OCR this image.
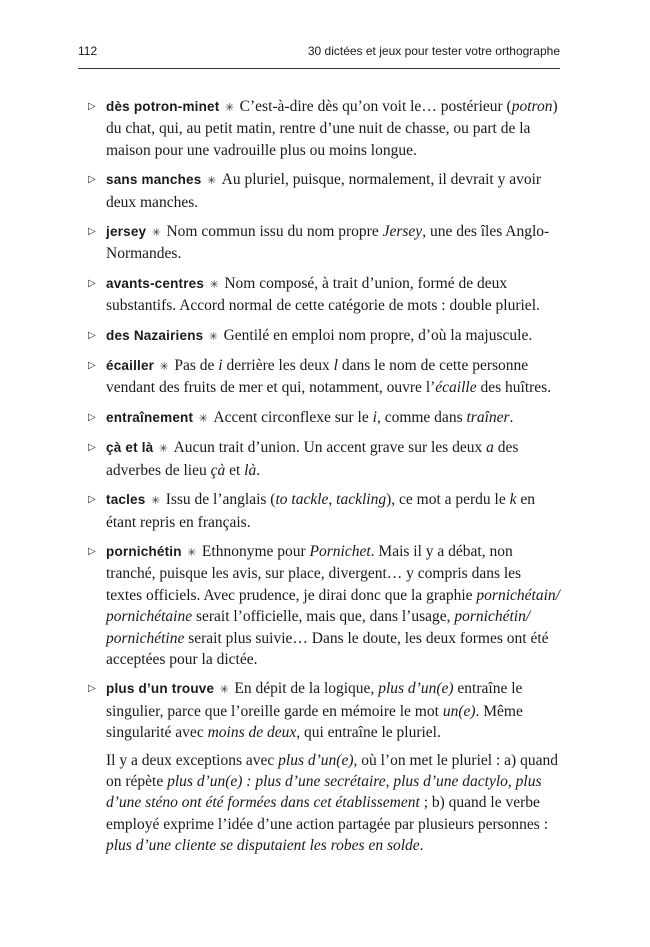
112	30 dictées et jeux pour tester votre orthographe
▷ dès potron-minet ✳ C’est-à-dire dès qu’on voit le… postérieur (potron) du chat, qui, au petit matin, rentre d’une nuit de chasse, ou part de la maison pour une vadrouille plus ou moins longue.
▷ sans manches ✳ Au pluriel, puisque, normalement, il devrait y avoir deux manches.
▷ jersey ✳ Nom commun issu du nom propre Jersey, une des îles Anglo-Normandes.
▷ avants-centres ✳ Nom composé, à trait d’union, formé de deux substantifs. Accord normal de cette catégorie de mots : double pluriel.
▷ des Nazairiens ✳ Gentilé en emploi nom propre, d’où la majuscule.
▷ écailler ✳ Pas de i derrière les deux l dans le nom de cette personne vendant des fruits de mer et qui, notamment, ouvre l’écaille des huîtres.
▷ entraînement ✳ Accent circonflexe sur le i, comme dans traîner.
▷ çà et là ✳ Aucun trait d’union. Un accent grave sur les deux a des adverbes de lieu çà et là.
▷ tacles ✳ Issu de l’anglais (to tackle, tackling), ce mot a perdu le k en étant repris en français.
▷ pornichétin ✳ Ethnonyme pour Pornichet. Mais il y a débat, non tranché, puisque les avis, sur place, divergent… y compris dans les textes officiels. Avec prudence, je dirai donc que la graphie pornichétain/ pornichétaine serait l’officielle, mais que, dans l’usage, pornichétin/ pornichétine serait plus suivie… Dans le doute, les deux formes ont été acceptées pour la dictée.
▷ plus d’un trouve ✳ En dépit de la logique, plus d’un(e) entraîne le singulier, parce que l’oreille garde en mémoire le mot un(e). Même singularité avec moins de deux, qui entraîne le pluriel.
Il y a deux exceptions avec plus d’un(e), où l’on met le pluriel : a) quand on répète plus d’un(e) : plus d’une secrétaire, plus d’une dactylo, plus d’une sténo ont été formées dans cet établissement ; b) quand le verbe employé exprime l’idée d’une action partagée par plusieurs personnes : plus d’une cliente se disputaient les robes en solde.
